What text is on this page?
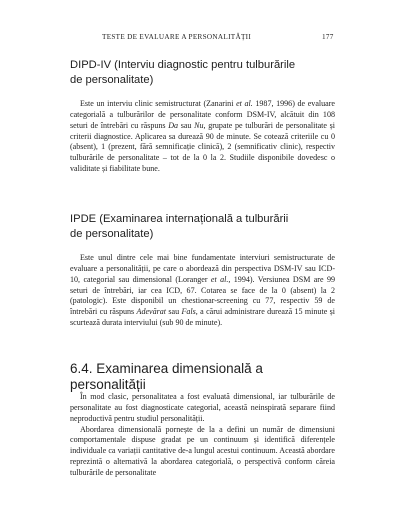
TESTE DE EVALUARE A PERSONALITĂȚII	177
DIPD-IV (Interviu diagnostic pentru tulburările
de personalitate)

Este un interviu clinic semistructurat (Zanarini et al. 1987, 1996) de evaluare categorială a tulburărilor de personalitate conform DSM-IV, alcătuit din 108 seturi de întrebări cu răspuns Da sau Nu, grupate pe tulburări de personalitate și criterii diagnostice. Aplicarea sa durează 90 de minute. Se cotează criteriile cu 0 (absent), 1 (prezent, fără semnificație clinică), 2 (semnificativ clinic), respectiv tulburările de personalitate – tot de la 0 la 2. Studiile disponibile dovedesc o validitate și fiabilitate bune.

IPDE (Examinarea internațională a tulburării
de personalitate)

Este unul dintre cele mai bine fundamentate interviuri semistructurate de evaluare a personalității, pe care o abordează din perspectiva DSM-IV sau ICD-10, categorial sau dimensional (Loranger et al., 1994). Versiunea DSM are 99 seturi de întrebări, iar cea ICD, 67. Cotarea se face de la 0 (absent) la 2 (patologic). Este disponibil un chestionar-screening cu 77, respectiv 59 de întrebări cu răspuns Adevărat sau Fals, a cărui administrare durează 15 minute și scurtează durata interviului (sub 90 de minute).

6.4. Examinarea dimensională a personalității

În mod clasic, personalitatea a fost evaluată dimensional, iar tulburările de personalitate au fost diagnosticate categorial, această neinspirată separare fiind neproductivă pentru studiul personalității.

Abordarea dimensională pornește de la a defini un număr de dimensiuni comportamentale dispuse gradat pe un continuum și identifică diferențele individuale ca variații cantitative de-a lungul acestui continuum. Această abordare reprezintă o alternativă la abordarea categorială, o perspectivă conform căreia tulburările de personalitate
